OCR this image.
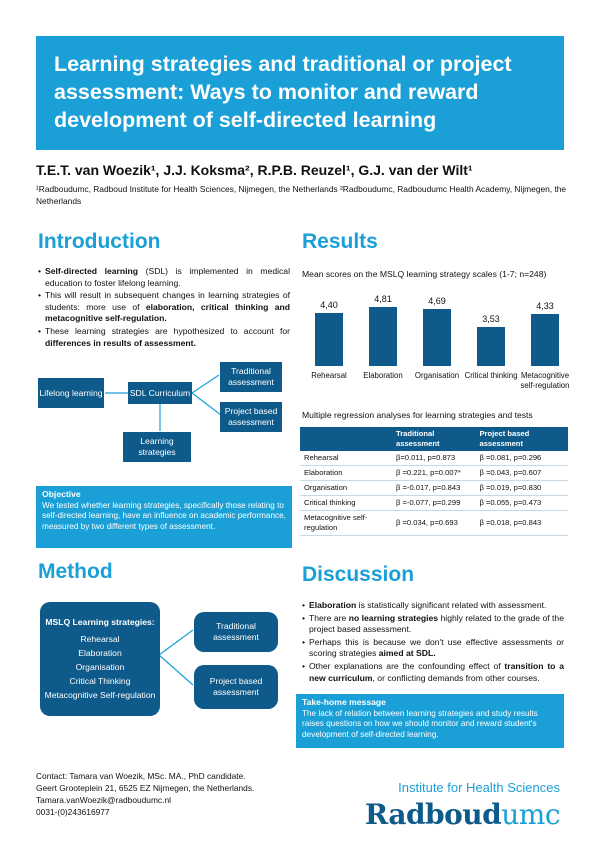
Learning strategies and traditional or project assessment: Ways to monitor and reward development of self-directed learning
T.E.T. van Woezik¹, J.J. Koksma², R.P.B. Reuzel¹, G.J. van der Wilt¹
¹Radboudumc, Radboud Institute for Health Sciences, Nijmegen, the Netherlands ²Radboudumc, Radboudumc Health Academy, Nijmegen, the Netherlands
Introduction
• Self-directed learning (SDL) is implemented in medical education to foster lifelong learning.
• This will result in subsequent changes in learning strategies of students: more use of elaboration, critical thinking and metacognitive self-regulation.
• These learning strategies are hypothesized to account for differences in results of assessment.
Lifelong learning	SDL Curriculum
Learning strategies
Traditional assessment
Project based assessment
Objective
We tested whether learning strategies, specifically those relating to self-directed learning, have an influence on academic performance, measured by two different types of assessment.
Method
MSLQ Learning strategies:
Rehearsal
Elaboration
Organisation
Critical Thinking
Metacognitive Self-regulation
Traditional assessment
Project based assessment
Results
Mean scores on the MSLQ learning strategy scales (1-7; n=248)
4,40
Rehearsal
4,81
Elaboration
4,69
Organisation
3,53
Critical thinking
4,33
Metacognitive self-regulation
Multiple regression analyses for learning strategies and tests
	Traditional assessment	Project based assessment
Rehearsal	β=0.011, p=0.873	β =0.081, p=0.296
Elaboration	β =0.221, p=0.007*	β =0.043, p=0.607
Organisation	β =-0.017, p=0.843	β =0.019, p=0.830
Critical thinking	β =-0.077, p=0.299	β =0.055, p=0.473
Metacognitive self-regulation	β =0.034, p=0.693	β =0.018, p=0.843
Discussion
• Elaboration is statistically significant related with assessment.
• There are no learning strategies highly related to the grade of the project based assessment.
• Perhaps this is because we don't use effective assessments or scoring strategies aimed at SDL.
• Other explanations are the confounding effect of transition to a new curriculum, or conflicting demands from other courses.
Take-home message
The lack of relation between learning strategies and study results raises questions on how we should monitor and reward student's development of self-directed learning.
Contact: Tamara van Woezik, MSc. MA., PhD candidate.
Geert Grooteplein 21, 6525 EZ Nijmegen, the Netherlands.
Tamara.vanWoezik@radboudumc.nl
0031-(0)243616977
Institute for Health Sciences
Radboudumc
